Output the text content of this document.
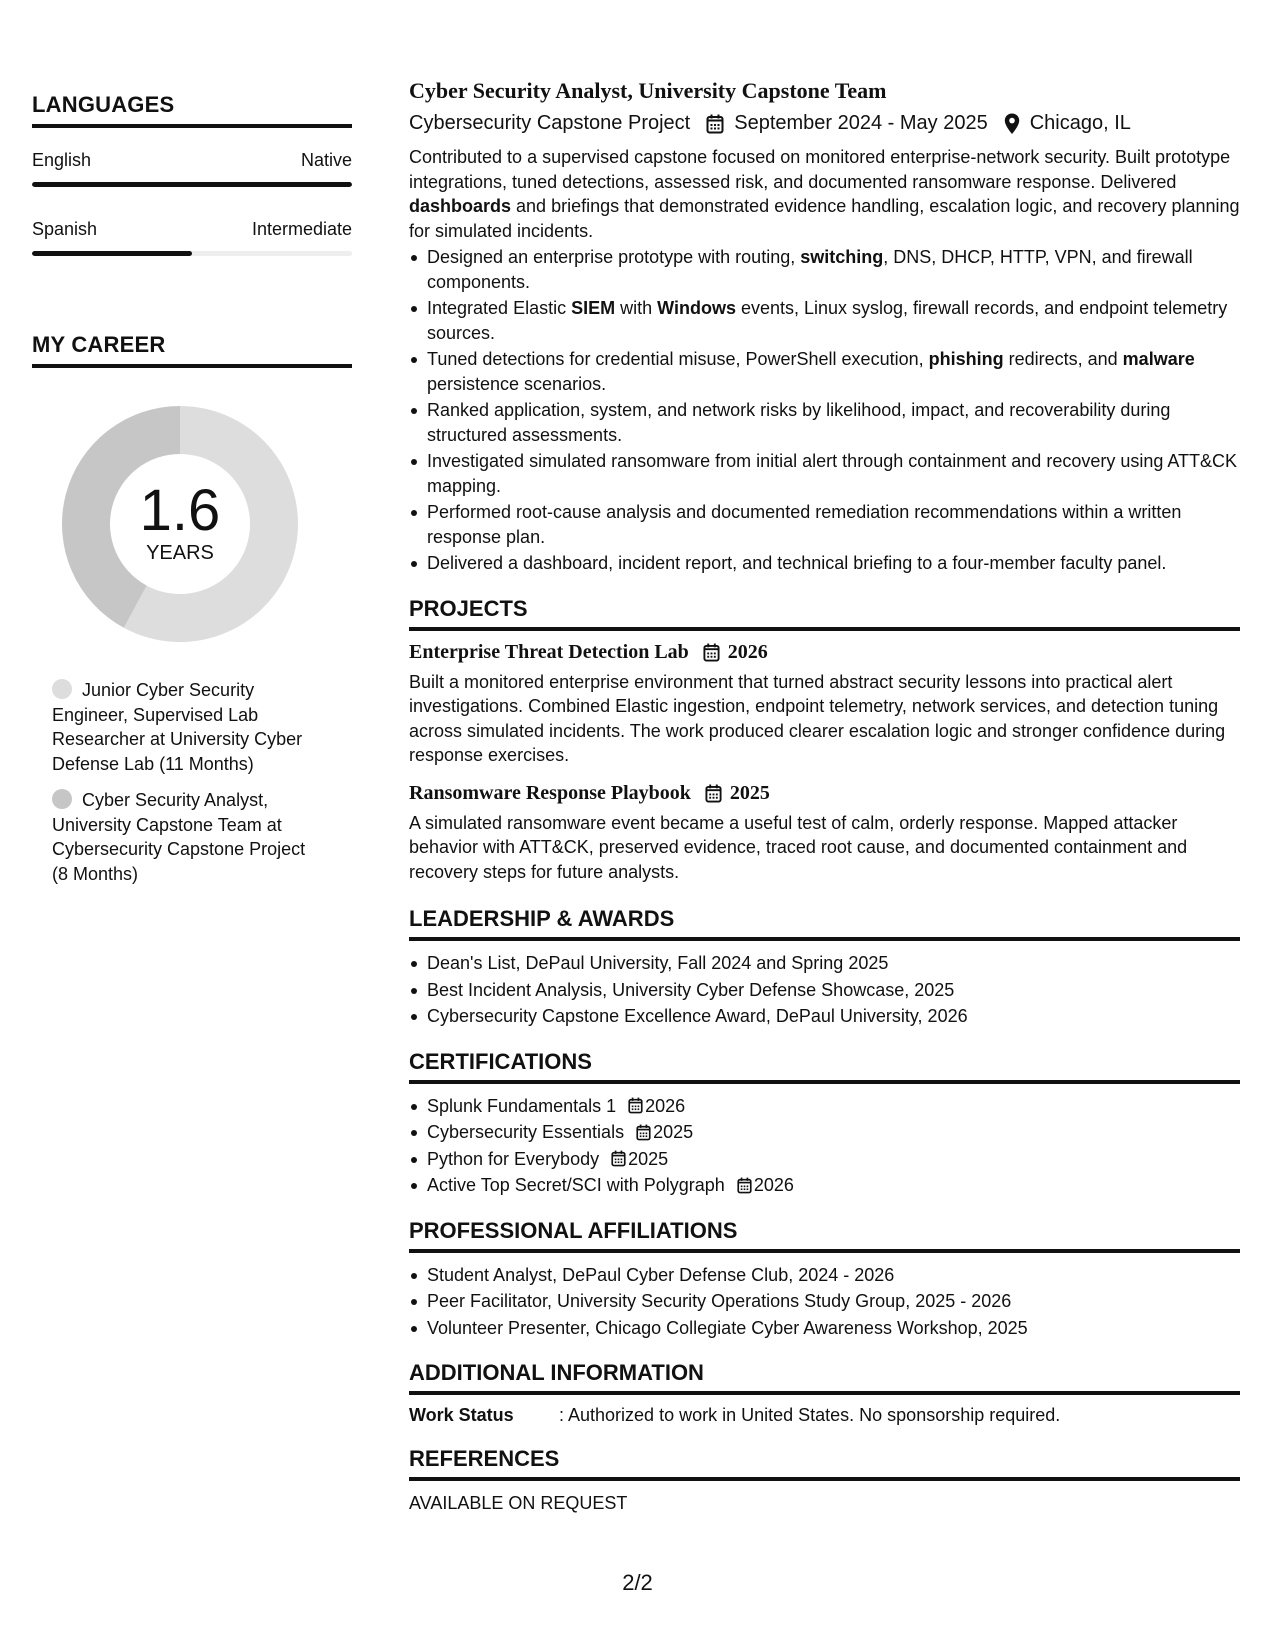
LANGUAGES
English	Native
Spanish	Intermediate
MY CAREER
1.6
YEARS
Junior Cyber Security Engineer, Supervised Lab Researcher at University Cyber Defense Lab (11 Months)
Cyber Security Analyst, University Capstone Team at Cybersecurity Capstone Project (8 Months)
Cyber Security Analyst, University Capstone Team
Cybersecurity Capstone Project September 2024 - May 2025 Chicago, IL

Contributed to a supervised capstone focused on monitored enterprise-network security. Built prototype integrations, tuned detections, assessed risk, and documented ransomware response. Delivered dashboards and briefings that demonstrated evidence handling, escalation logic, and recovery planning for simulated incidents.

Designed an enterprise prototype with routing, switching, DNS, DHCP, HTTP, VPN, and firewall components.
Integrated Elastic SIEM with Windows events, Linux syslog, firewall records, and endpoint telemetry sources.
Tuned detections for credential misuse, PowerShell execution, phishing redirects, and malware persistence scenarios.
Ranked application, system, and network risks by likelihood, impact, and recoverability during structured assessments.
Investigated simulated ransomware from initial alert through containment and recovery using ATT&CK mapping.
Performed root-cause analysis and documented remediation recommendations within a written response plan.
Delivered a dashboard, incident report, and technical briefing to a four-member faculty panel.
PROJECTS
Enterprise Threat Detection Lab 2026

Built a monitored enterprise environment that turned abstract security lessons into practical alert investigations. Combined Elastic ingestion, endpoint telemetry, network services, and detection tuning across simulated incidents. The work produced clearer escalation logic and stronger confidence during response exercises.

Ransomware Response Playbook 2025

A simulated ransomware event became a useful test of calm, orderly response. Mapped attacker behavior with ATT&CK, preserved evidence, traced root cause, and documented containment and recovery steps for future analysts.

LEADERSHIP & AWARDS
Dean's List, DePaul University, Fall 2024 and Spring 2025
Best Incident Analysis, University Cyber Defense Showcase, 2025
Cybersecurity Capstone Excellence Award, DePaul University, 2026
CERTIFICATIONS
Splunk Fundamentals 1 2026
Cybersecurity Essentials 2025
Python for Everybody 2025
Active Top Secret/SCI with Polygraph 2026
PROFESSIONAL AFFILIATIONS
Student Analyst, DePaul Cyber Defense Club, 2024 - 2026
Peer Facilitator, University Security Operations Study Group, 2025 - 2026
Volunteer Presenter, Chicago Collegiate Cyber Awareness Workshop, 2025
ADDITIONAL INFORMATION
Work Status	: Authorized to work in United States. No sponsorship required.
REFERENCES
AVAILABLE ON REQUEST
2/2
